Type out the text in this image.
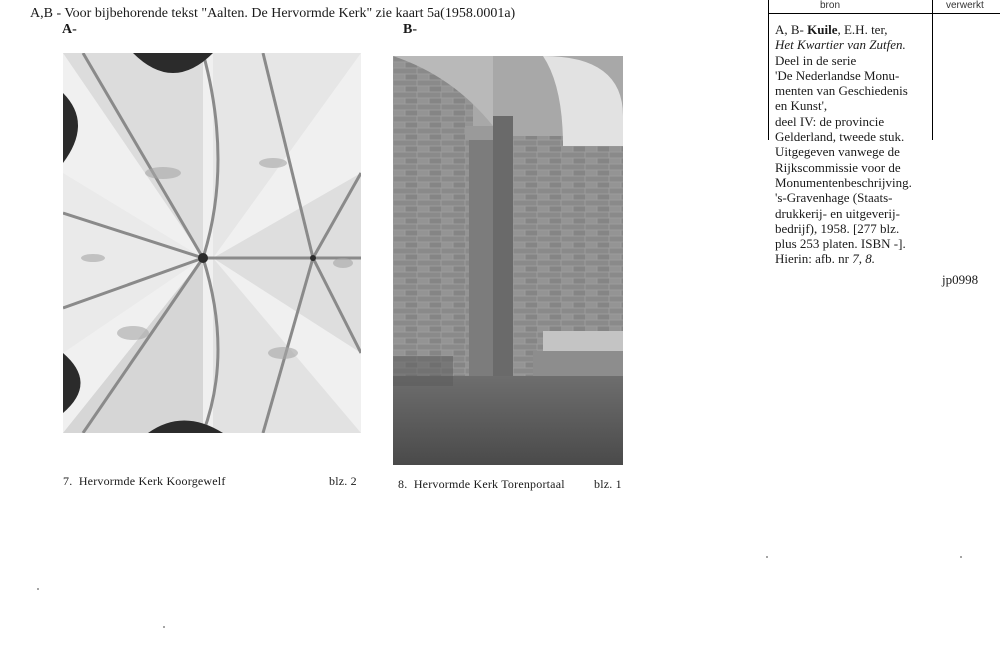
A,B - Voor bijbehorende tekst "Aalten. De Hervormde Kerk" zie kaart 5a(1958.0001a)
A-	B-
7. Hervormde Kerk Koorgewelf	blz. 2	8. Hervormde Kerk Torenportaal blz. 1
bron	verwerkt
A, B- Kuile, E.H. ter,
Het Kwartier van Zutfen.
Deel in de serie
'De Nederlandse Monu-
menten van Geschiedenis
en Kunst',
deel IV: de provincie
Gelderland, tweede stuk.
Uitgegeven vanwege de
Rijkscommissie voor de
Monumentenbeschrijving.
's-Gravenhage (Staats-
drukkerij- en uitgeverij-
bedrijf), 1958. [277 blz.
plus 253 platen. ISBN -].
Hierin: afb. nr 7, 8.
jp0998
